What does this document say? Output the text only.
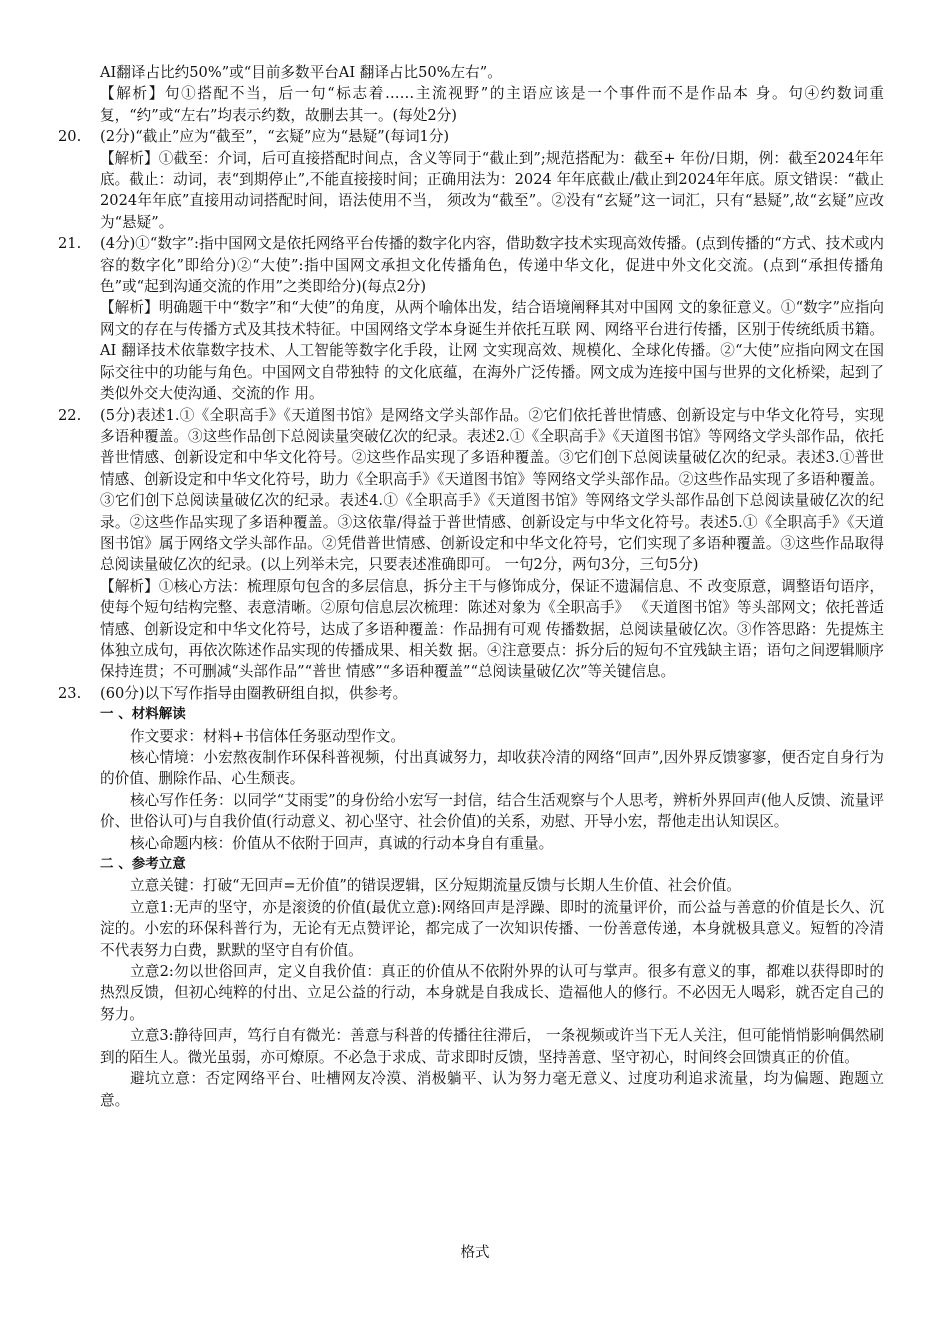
AI翻译占比约50%”或“目前多数平台AI 翻译占比50%左右”。

【解析】句①搭配不当，后一句“标志着……主流视野”的主语应该是一个事件而不是作品本 身。句④约数词重复，“约”或“左右”均表示约数，故删去其一。(每处2分)

20.	(2分)“截止”应为“截至”，“玄疑”应为“悬疑”(每词1分)

【解析】①截至：介词，后可直接搭配时间点，含义等同于“截止到”;规范搭配为：截至+ 年份/日期，例：截至2024年年底。截止：动词，表“到期停止”,不能直接接时间；正确用法为：2024 年年底截止/截止到2024年年底。原文错误：“截止2024年年底”直接用动词搭配时间，语法使用不当， 须改为“截至”。②没有“玄疑”这一词汇，只有“悬疑”,故“玄疑”应改为“悬疑”。

21.	(4分)①“数字”:指中国网文是依托网络平台传播的数字化内容，借助数字技术实现高效传播。(点到传播的“方式、技术或内容的数字化”即给分)②“大使”:指中国网文承担文化传播角色，传递中华文化，促进中外文化交流。(点到“承担传播角色”或“起到沟通交流的作用”之类即给分)(每点2分)

【解析】明确题干中“数字”和“大使”的角度，从两个喻体出发，结合语境阐释其对中国网 文的象征意义。①“数字”应指向网文的存在与传播方式及其技术特征。中国网络文学本身诞生并依托互联 网、网络平台进行传播，区别于传统纸质书籍。 AI 翻译技术依靠数字技术、人工智能等数字化手段，让网 文实现高效、规模化、全球化传播。②“大使”应指向网文在国际交往中的功能与角色。中国网文自带独特 的文化底蕴，在海外广泛传播。网文成为连接中国与世界的文化桥梁，起到了类似外交大使沟通、交流的作 用。

22.	(5分)表述1.①《全职高手》《天道图书馆》是网络文学头部作品。②它们依托普世情感、创新设定与中华文化符号，实现多语种覆盖。③这些作品创下总阅读量突破亿次的纪录。表述2.①《全职高手》《天道图书馆》等网络文学头部作品，依托普世情感、创新设定和中华文化符号。②这些作品实现了多语种覆盖。③它们创下总阅读量破亿次的纪录。表述3.①普世情感、创新设定和中华文化符号，助力《全职高手》《天道图书馆》等网络文学头部作品。②这些作品实现了多语种覆盖。③它们创下总阅读量破亿次的纪录。表述4.①《全职高手》《天道图书馆》等网络文学头部作品创下总阅读量破亿次的纪录。②这些作品实现了多语种覆盖。③这依靠/得益于普世情感、创新设定与中华文化符号。表述5.①《全职高手》《天道图书馆》属于网络文学头部作品。②凭借普世情感、创新设定和中华文化符号，它们实现了多语种覆盖。③这些作品取得总阅读量破亿次的纪录。(以上列举未完，只要表述准确即可。 一句2分，两句3分，三句5分)

【解析】①核心方法：梳理原句包含的多层信息，拆分主干与修饰成分，保证不遗漏信息、不 改变原意，调整语句语序，使每个短句结构完整、表意清晰。②原句信息层次梳理：陈述对象为《全职高手》 《天道图书馆》等头部网文；依托普适情感、创新设定和中华文化符号，达成了多语种覆盖：作品拥有可观 传播数据，总阅读量破亿次。③作答思路：先提炼主体独立成句，再依次陈述作品实现的传播成果、相关数 据。④注意要点：拆分后的短句不宜残缺主语；语句之间逻辑顺序保持连贯；不可删减“头部作品”“普世 情感”“多语种覆盖”“总阅读量破亿次”等关键信息。

23.	(60分)以下写作指导由圈教研组自拟，供参考。
一 、材料解读

作文要求：材料+书信体任务驱动型作文。

核心情境：小宏熬夜制作环保科普视频，付出真诚努力，却收获冷清的网络“回声”,因外界反馈寥寥，便否定自身行为的价值、删除作品、心生颓丧。

核心写作任务：以同学“艾雨雯”的身份给小宏写一封信，结合生活观察与个人思考，辨析外界回声(他人反馈、流量评价、世俗认可)与自我价值(行动意义、初心坚守、社会价值)的关系，劝慰、开导小宏，帮他走出认知误区。

核心命题内核：价值从不依附于回声，真诚的行动本身自有重量。

二 、参考立意

立意关键：打破“无回声=无价值”的错误逻辑，区分短期流量反馈与长期人生价值、社会价值。

立意1:无声的坚守，亦是滚烫的价值(最优立意):网络回声是浮躁、即时的流量评价，而公益与善意的价值是长久、沉淀的。小宏的环保科普行为，无论有无点赞评论，都完成了一次知识传播、一份善意传递，本身就极具意义。短暂的冷清不代表努力白费，默默的坚守自有价值。

立意2:勿以世俗回声，定义自我价值：真正的价值从不依附外界的认可与掌声。很多有意义的事，都难以获得即时的热烈反馈，但初心纯粹的付出、立足公益的行动，本身就是自我成长、造福他人的修行。不必因无人喝彩，就否定自己的努力。

立意3:静待回声，笃行自有微光：善意与科普的传播往往滞后， 一条视频或许当下无人关注，但可能悄悄影响偶然刷到的陌生人。微光虽弱，亦可燎原。不必急于求成、苛求即时反馈，坚持善意、坚守初心，时间终会回馈真正的价值。

避坑立意：否定网络平台、吐槽网友冷漠、消极躺平、认为努力毫无意义、过度功利追求流量，均为偏题、跑题立意。

格式
